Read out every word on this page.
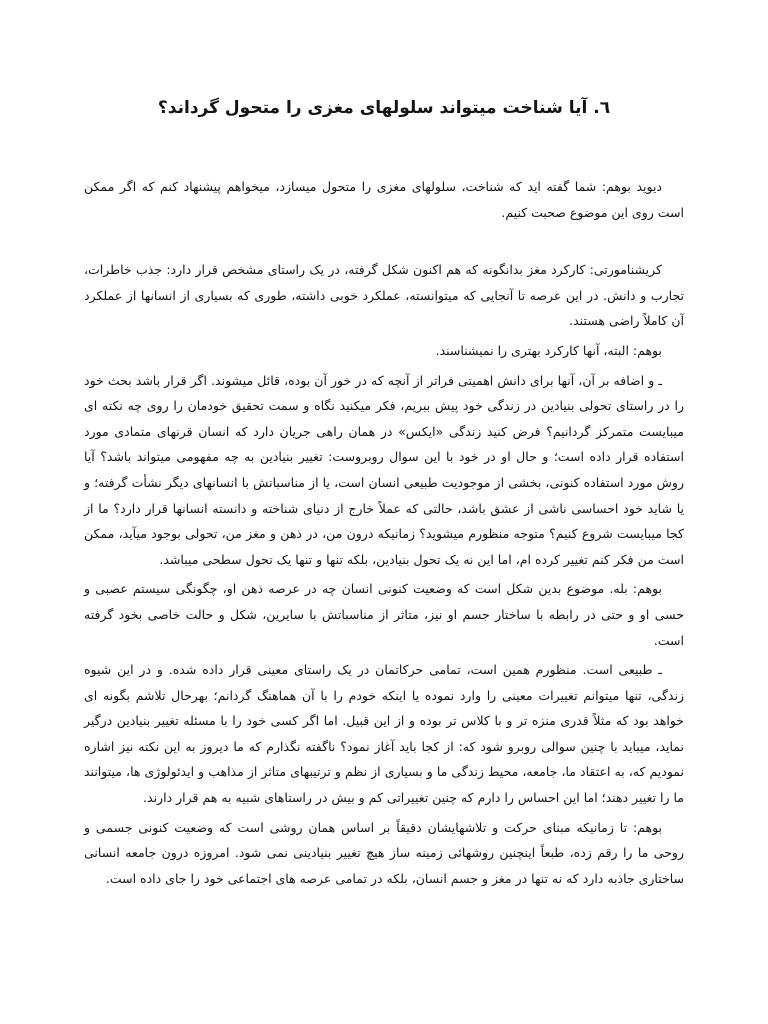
٦. آیا شناخت میتواند سلولهای مغزی را متحول گرداند؟

دیوید بوهم: شما گفته اید که شناخت، سلولهای مغزی را متحول میسازد، میخواهم پیشنهاد کنم که اگر ممکن است روی این موضوع صحبت کنیم.

کریشنامورتی: کارکرد مغز بدانگونه که هم اکنون شکل گرفته، در یک راستای مشخص قرار دارد: جذب خاطرات، تجارب و دانش. در این عرصه تا آنجایی که میتوانسته، عملکرد خوبی داشته، طوری که بسیاری از انسانها از عملکرد آن کاملاً راضی هستند.

بوهم: البته، آنها کارکرد بهتری را نمیشناسند.

ـ و اضافه بر آن، آنها برای دانش اهمیتی فراتر از آنچه که در خور آن بوده، قائل میشوند. اگر قرار باشد بحث خود را در راستای تحولی بنیادین در زندگی خود پیش ببریم، فکر میکنید نگاه و سمت تحقیق خودمان را روی چه نکته ای میبایست متمرکز گردانیم؟ فرض کنید زندگی «ایکس» در همان راهی جریان دارد که انسان قرنهای متمادی مورد استفاده قرار داده است؛ و حال او در خود با این سوال روبروست: تغییر بنیادین به چه مفهومی میتواند باشد؟ آیا روش مورد استفاده کنونی، بخشی از موجودیت طبیعی انسان است، یا از مناسباتش با انسانهای دیگر نشأت گرفته؛ و یا شاید خود احساسی ناشی از عشق باشد، حالتی که عملاً خارج از دنیای شناخته و دانسته انسانها قرار دارد؟ ما از کجا میبایست شروع کنیم؟ متوجه منظورم میشوید؟ زمانیکه درون من، در ذهن و مغز من، تحولی بوجود میآید، ممکن است من فکر کنم تغییر کرده ام، اما این نه یک تحول بنیادین، بلکه تنها و تنها یک تحول سطحی میباشد.

بوهم: بله. موضوع بدین شکل است که وضعیت کنونی انسان چه در عرصه ذهن او، چگونگی سیستم عصبی و حسی او و حتی در رابطه با ساختار جسم او نیز، متاثر از مناسباتش با سایرین، شکل و حالت خاصی بخود گرفته است.

ـ طبیعی است. منظورم همین است، تمامی حرکاتمان در یک راستای معینی قرار داده شده. و در این شیوه زندگی، تنها میتوانم تغییرات معینی را وارد نموده یا اینکه خودم را با آن هماهنگ گردانم؛ بهرحال تلاشم بگونه ای خواهد بود که مثلاً قدری منزه تر و با کلاس تر بوده و از این قبیل. اما اگر کسی خود را با مسئله تغییر بنیادین درگیر نماید، میباید با چنین سوالی روبرو شود که: از کجا باید آغاز نمود؟ ناگفته نگذارم که ما دیروز به این نکته نیز اشاره نمودیم که، به اعتقاد ما، جامعه، محیط زندگی ما و بسیاری از نظم و ترتیبهای متاثر از مذاهب و ایدئولوژی ها، میتوانند ما را تغییر دهند؛ اما این احساس را دارم که چنین تغییراتی کم و بیش در راستاهای شبیه به هم قرار دارند.

بوهم: تا زمانیکه مبنای حرکت و تلاشهایشان دقیقاً بر اساس همان روشی است که وضعیت کنونی جسمی و روحی ما را رقم زده، طبعاً اینچنین روشهائی زمینه ساز هیچ تغییر بنیادینی نمی شود. امروزه درون جامعه انسانی ساختاری جاذبه دارد که نه تنها در مغز و جسم انسان، بلکه در تمامی عرصه های اجتماعی خود را جای داده است.
